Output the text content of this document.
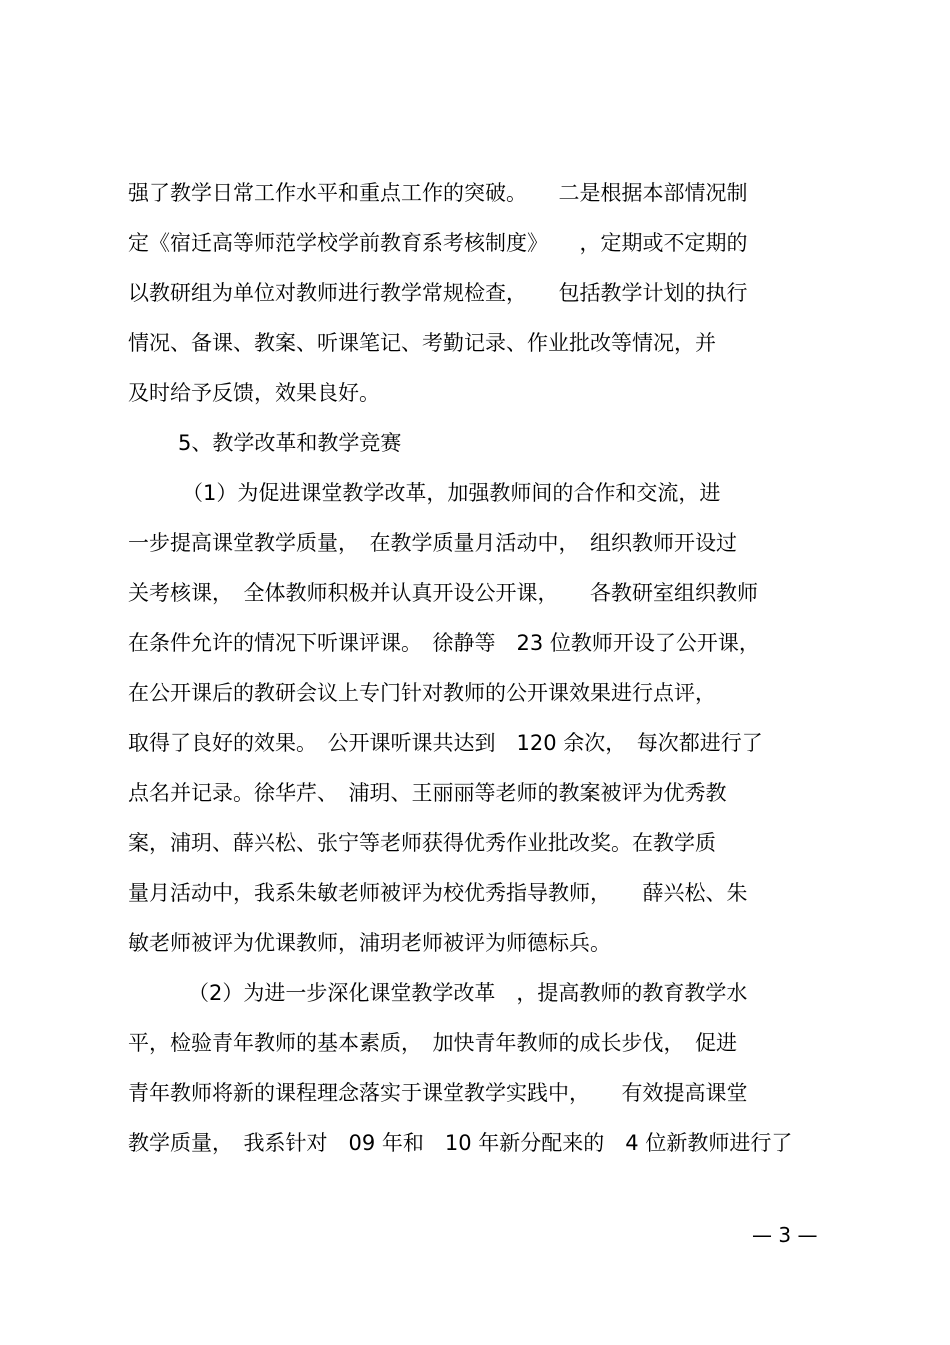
强了教学日常工作水平和重点工作的突破。　　二是根据本部情况制
定《宿迁高等师范学校学前教育系考核制度》　　，定期或不定期的
以教研组为单位对教师进行教学常规检查，　　包括教学计划的执行
情况、备课、教案、听课笔记、考勤记录、作业批改等情况，并
及时给予反馈，效果良好。
5、教学改革和教学竞赛
（1）为促进课堂教学改革，加强教师间的合作和交流，进
一步提高课堂教学质量，　在教学质量月活动中，　组织教师开设过
关考核课，　全体教师积极并认真开设公开课，　　各教研室组织教师
在条件允许的情况下听课评课。　徐静等　23 位教师开设了公开课，
在公开课后的教研会议上专门针对教师的公开课效果进行点评，
取得了良好的效果。　公开课听课共达到　120 余次，　每次都进行了
点名并记录。徐华芹、　浦玥、王丽丽等老师的教案被评为优秀教
案，浦玥、薛兴松、张宁等老师获得优秀作业批改奖。在教学质
量月活动中，我系朱敏老师被评为校优秀指导教师，　　薛兴松、朱
敏老师被评为优课教师，浦玥老师被评为师德标兵。
（2）为进一步深化课堂教学改革　，提高教师的教育教学水
平，检验青年教师的基本素质，　加快青年教师的成长步伐，　促进
青年教师将新的课程理念落实于课堂教学实践中，　　有效提高课堂
教学质量，　我系针对　09 年和　10 年新分配来的　4 位新教师进行了
— 3 —
